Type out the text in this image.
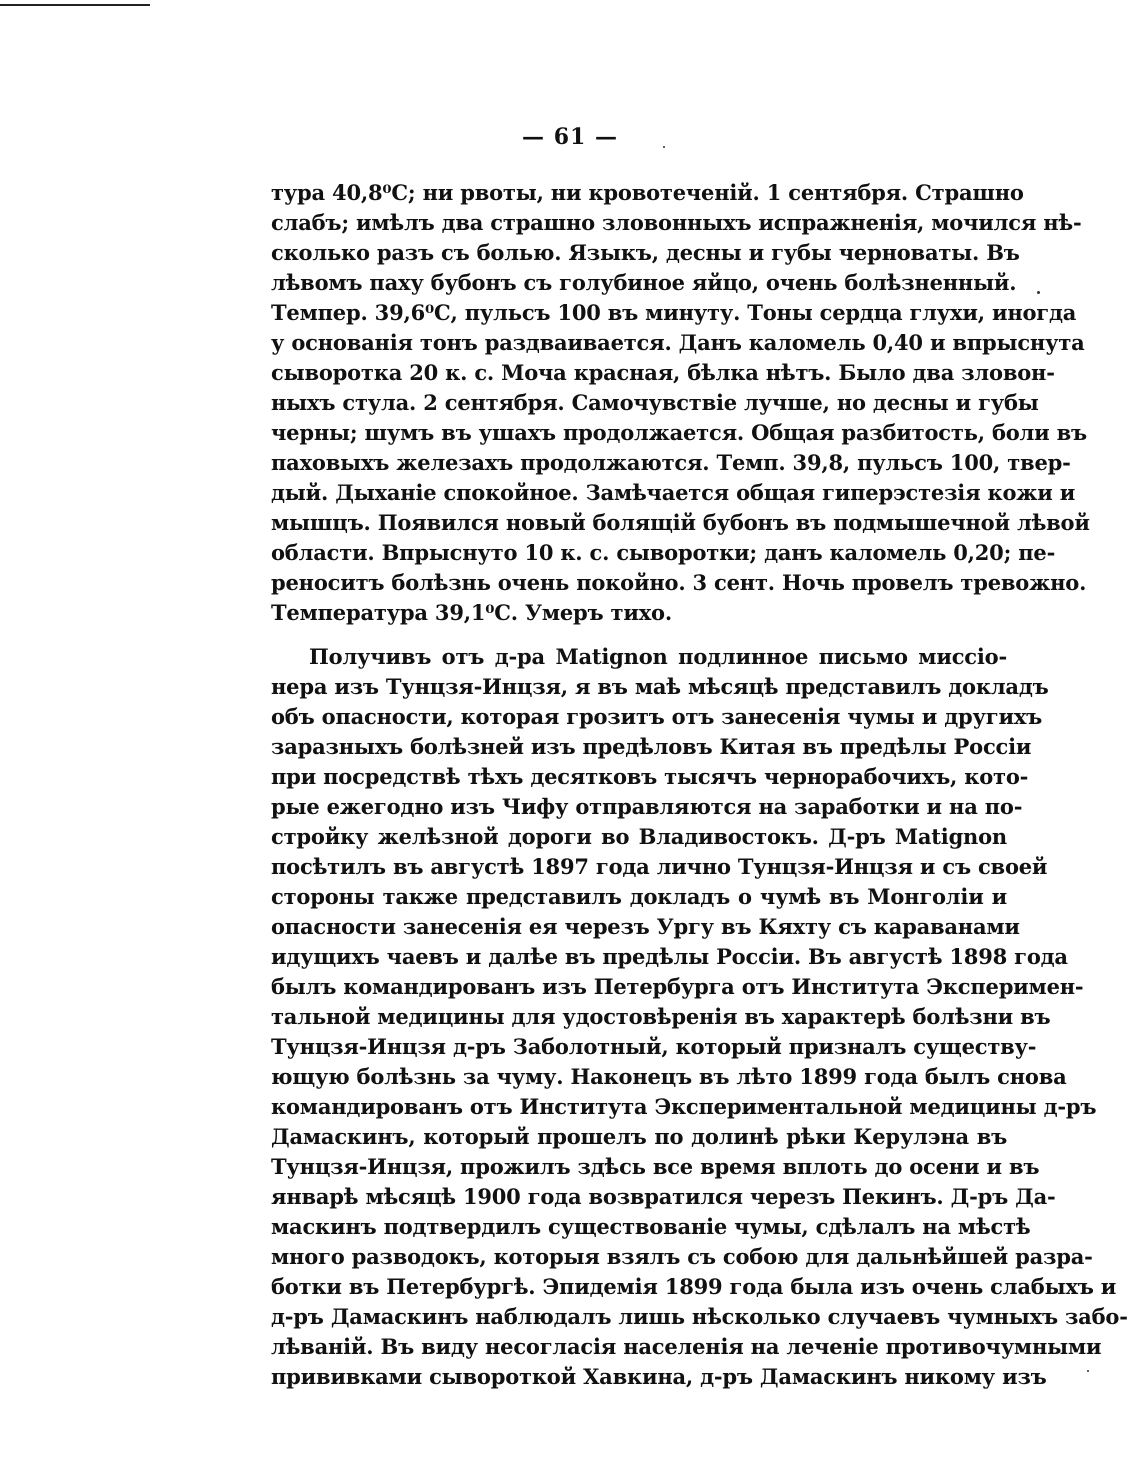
— 61 —
тура 40,8⁰С; ни рвоты, ни кровотеченiй. 1 сентября. Страшно
слабъ; имѣлъ два страшно зловонныхъ испражненiя, мочился нѣ-
сколько разъ съ болью. Языкъ, десны и губы черноваты. Въ
лѣвомъ паху бубонъ съ голубиное яйцо, очень болѣзненный.
Темпер. 39,6⁰С, пульсъ 100 въ минуту. Тоны сердца глухи, иногда
у основанiя тонъ раздваивается. Данъ каломель 0,40 и впрыснута
сыворотка 20 к. с. Моча красная, бѣлка нѣтъ. Было два зловон-
ныхъ стула. 2 сентября. Самочувствiе лучше, но десны и губы
черны; шумъ въ ушахъ продолжается. Общая разбитость, боли въ
паховыхъ железахъ продолжаются. Темп. 39,8, пульсъ 100, твер-
дый. Дыханiе спокойное. Замѣчается общая гиперэстезiя кожи и
мышцъ. Появился новый болящiй бубонъ въ подмышечной лѣвой
области. Впрыснуто 10 к. с. сыворотки; данъ каломель 0,20; пе-
реноситъ болѣзнь очень покойно. 3 сент. Ночь провелъ тревожно.
Температура 39,1⁰С. Умеръ тихо.
Получивъ отъ д-ра Matignon подлинное письмо миссiо-
нера изъ Тунцзя-Инцзя, я въ маѣ мѣсяцѣ представилъ докладъ
объ опасности, которая грозитъ отъ занесенiя чумы и другихъ
заразныхъ болѣзней изъ предѣловъ Китая въ предѣлы Россiи
при посредствѣ тѣхъ десятковъ тысячъ чернорабочихъ, кото-
рые ежегодно изъ Чифу отправляются на заработки и на по-
стройку желѣзной дороги во Владивостокъ. Д-ръ Matignon
посѣтилъ въ августѣ 1897 года лично Тунцзя-Инцзя и съ своей
стороны также представилъ докладъ о чумѣ въ Монголiи и
опасности занесенiя ея черезъ Ургу въ Кяхту съ караванами
идущихъ чаевъ и далѣе въ предѣлы Россiи. Въ августѣ 1898 года
былъ командированъ изъ Петербурга отъ Института Эксперимен-
тальной медицины для удостовѣренiя въ характерѣ болѣзни въ
Тунцзя-Инцзя д-ръ Заболотный, который призналъ существу-
ющую болѣзнь за чуму. Наконецъ въ лѣто 1899 года былъ снова
командированъ отъ Института Экспериментальной медицины д-ръ
Дамаскинъ, который прошелъ по долинѣ рѣки Керулэна въ
Тунцзя-Инцзя, прожилъ здѣсь все время вплоть до осени и въ
январѣ мѣсяцѣ 1900 года возвратился черезъ Пекинъ. Д-ръ Да-
маскинъ подтвердилъ существованiе чумы, сдѣлалъ на мѣстѣ
много разводокъ, которыя взялъ съ собою для дальнѣйшей разра-
ботки въ Петербургѣ. Эпидемiя 1899 года была изъ очень слабыхъ и
д-ръ Дамаскинъ наблюдалъ лишь нѣсколько случаевъ чумныхъ забо-
лѣванiй. Въ виду несогласiя населенiя на леченiе противочумными
прививками сывороткой Хавкина, д-ръ Дамаскинъ никому изъ
